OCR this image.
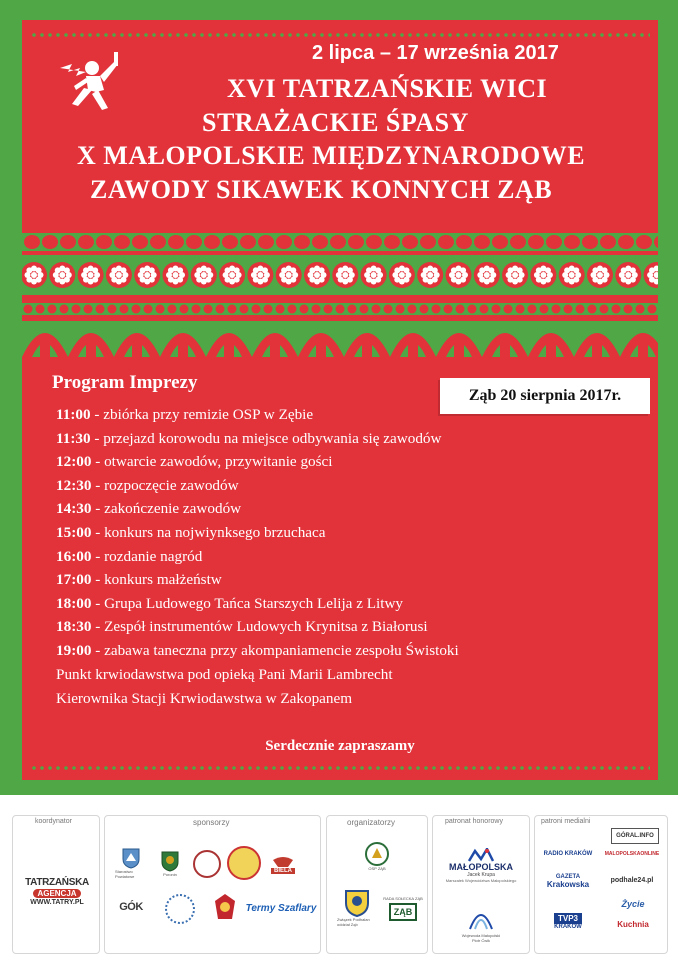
2 lipca – 17 września 2017
XVI TATRZAŃSKIE WICI
STRAŻACKIE ŚPASY
X MAŁOPOLSKIE MIĘDZYNARODOWE
ZAWODY SIKAWEK KONNYCH ZĄB
Program Imprezy
Ząb 20 sierpnia 2017r.
11:00 - zbiórka przy remizie OSP w Zębie
11:30 - przejazd korowodu na miejsce odbywania się zawodów
12:00 - otwarcie zawodów, przywitanie gości
12:30 - rozpoczęcie zawodów
14:30 - zakończenie zawodów
15:00 - konkurs na nojwiynksego brzuchaca
16:00 - rozdanie nagród
17:00 - konkurs małżeństw
18:00 - Grupa Ludowego Tańca Starszych Lelija z Litwy
18:30 - Zespół instrumentów Ludowych Krynitsa z Białorusi
19:00 - zabawa taneczna przy akompaniamencie zespołu Świstoki
Punkt krwiodawstwa pod opieką Pani Marii Lambrecht
Kierownika Stacji Krwiodawstwa w Zakopanem
Serdecznie zapraszamy
koordynator
TATRZAŃSKA
AGENCJA
WWW.TATRY.PL
sponsorzy
Starostwo Powiatowe	Poronin	BIELA
GÓK	Termy Szaflary
organizatorzy
OSP ZĄB
Związek Podhalan oddział Ząb
RADA SOŁECKA ZĄB
ZĄB
patronat honorowy
MAŁOPOLSKA
Jacek Krupa
Marszałek Województwa Małopolskiego
Wojewoda Małopolski
Piotr Ćwik
patroni medialni
GÓRAL.INFO
RADIO KRAKÓW MALOPOLSKAONLINE
GAZETA
Krakowska	podhale24.pl
TVP3
KRAKÓW
Życie
Kuchnia
